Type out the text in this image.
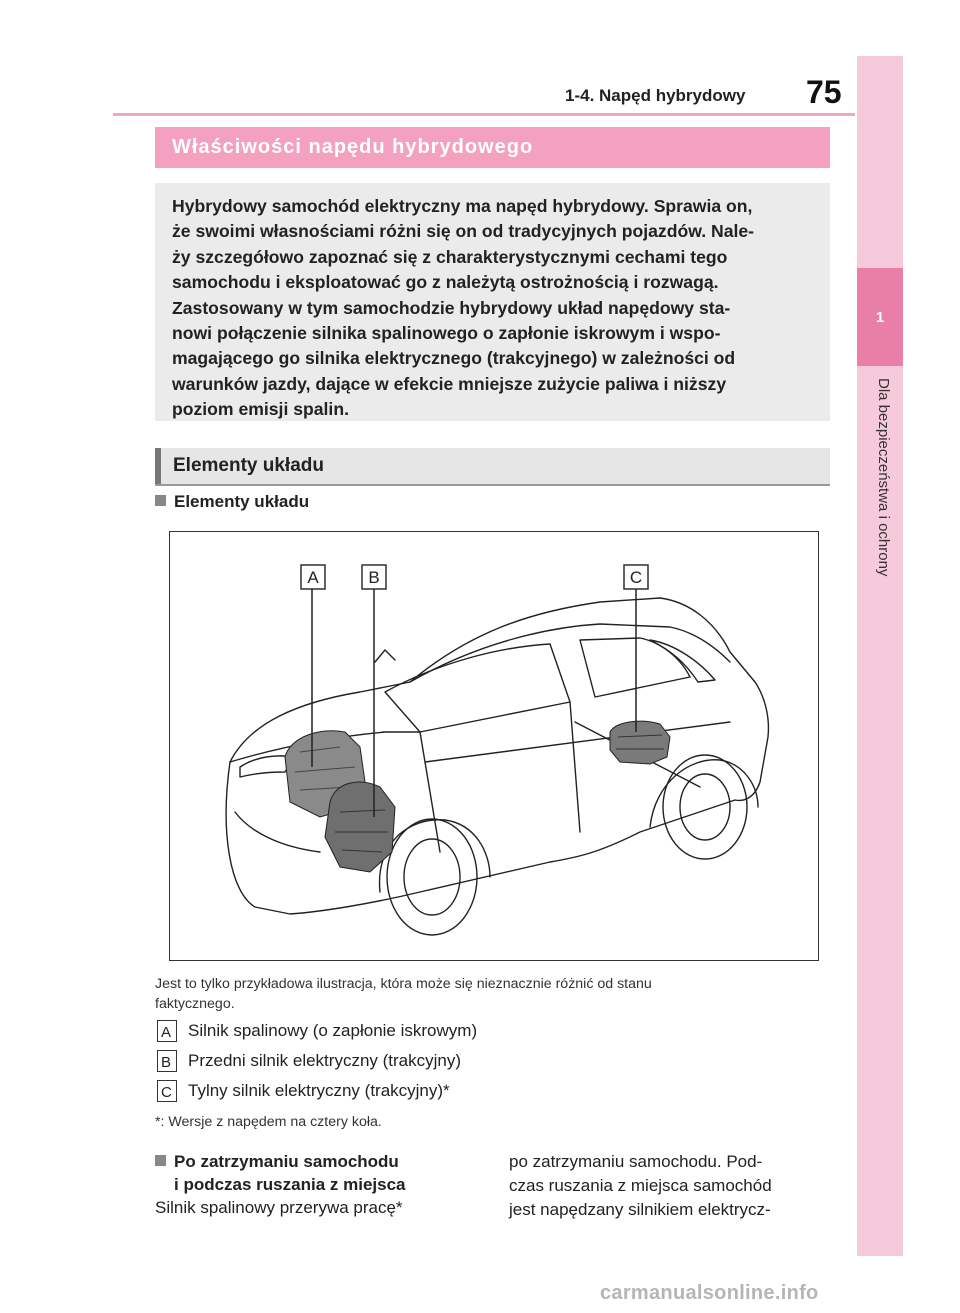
1-4. Napęd hybrydowy 75
1
Dla bezpieczeństwa i ochrony
Właściwości napędu hybrydowego
Hybrydowy samochód elektryczny ma napęd hybrydowy. Sprawia on,
że swoimi własnościami różni się on od tradycyjnych pojazdów. Nale-
ży szczegółowo zapoznać się z charakterystycznymi cechami tego
samochodu i eksploatować go z należytą ostrożnością i rozwagą.
Zastosowany w tym samochodzie hybrydowy układ napędowy sta-
nowi połączenie silnika spalinowego o zapłonie iskrowym i wspo-
magającego go silnika elektrycznego (trakcyjnego) w zależności od
warunków jazdy, dające w efekcie mniejsze zużycie paliwa i niższy
poziom emisji spalin.
Elementy układu
Elementy układu
A	B	C
Jest to tylko przykładowa ilustracja, która może się nieznacznie różnić od stanu
faktycznego.
A Silnik spalinowy (o zapłonie iskrowym)
B Przedni silnik elektryczny (trakcyjny)
C Tylny silnik elektryczny (trakcyjny)*
*: Wersje z napędem na cztery koła.
Po zatrzymaniu samochodu
i podczas ruszania z miejsca
Silnik spalinowy przerywa pracę*
po zatrzymaniu samochodu. Pod-
czas ruszania z miejsca samochód
jest napędzany silnikiem elektrycz-
carmanualsonline.info
